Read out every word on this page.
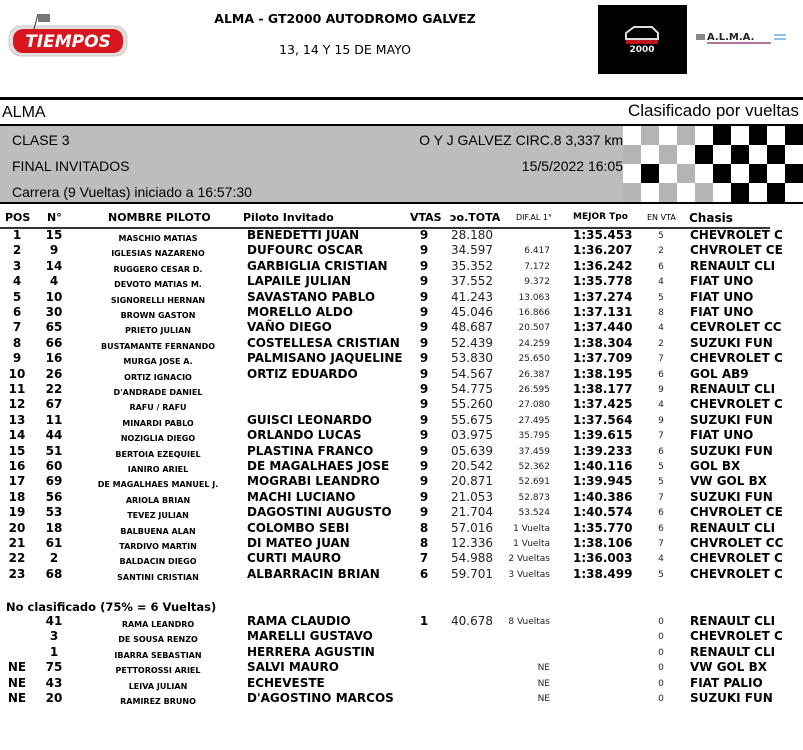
TIEMPOS
ALMA - GT2000 AUTODROMO GALVEZ
13, 14 Y 15 DE MAYO	2000
A.L.M.A.
ALMA	Clasificado por vueltas
CLASE 3
FINAL INVITADOS
Carrera (9 Vueltas) iniciado a 16:57:30
O Y J GALVEZ CIRC.8 3,337 km
15/5/2022 16:05
POS N°	NOMBRE PILOTO	Piloto Invitado	VTAS ɔo.TOTA DIF.AL 1° MEJOR Tpo EN VTA Chasis
1	15	MASCHIO MATIAS	BENEDETTI JUAN	9	28.180	1:35.453	5	CHEVROLET C
2	9	IGLESIAS NAZARENO	DUFOURC OSCAR	9	34.597	6.417 1:36.207	2	CHVROLET CE
3	14	RUGGERO CESAR D.	GARBIGLIA CRISTIAN	9	35.352	7.172 1:36.242	6	RENAULT CLI
4	4	DEVOTO MATIAS M.	LAPAILE JULIAN	9	37.552	9.372 1:35.778	4	FIAT UNO
5	10	SIGNORELLI HERNAN	SAVASTANO PABLO	9	41.243	13.063 1:37.274	5	FIAT UNO
6	30	BROWN GASTON	MORELLO ALDO	9	45.046	16.866 1:37.131	8	FIAT UNO
7	65	PRIETO JULIAN	VAÑO DIEGO	9	48.687	20.507 1:37.440	4	CEVROLET CC
8	66	BUSTAMANTE FERNANDO	COSTELLESA CRISTIAN	9	52.439	24.259 1:38.304	2	SUZUKI FUN
9	16	MURGA JOSE A.	PALMISANO JAQUELINE	9	53.830	25.650 1:37.709	7	CHEVROLET C
10	26	ORTIZ IGNACIO	ORTIZ EDUARDO	9	54.567	26.387 1:38.195	6	GOL AB9
11	22	D'ANDRADE DANIEL	9	54.775	26.595 1:38.177	9	RENAULT CLI
12	67	RAFU / RAFU	9	55.260	27.080 1:37.425	4	CHEVROLET C
13	11	MINARDI PABLO	GUISCI LEONARDO	9	55.675	27.495 1:37.564	9	SUZUKI FUN
14	44	NOZIGLIA DIEGO	ORLANDO LUCAS	9	03.975	35.795 1:39.615	7	FIAT UNO
15	51	BERTOIA EZEQUIEL	PLASTINA FRANCO	9	05.639	37.459 1:39.233	6	SUZUKI FUN
16	60	IANIRO ARIEL	DE MAGALHAES JOSE	9	20.542	52.362 1:40.116	5	GOL BX
17	69	DE MAGALHAES MANUEL J.	MOGRABI LEANDRO	9	20.871	52.691 1:39.945	5	VW GOL BX
18	56	ARIOLA BRIAN	MACHI LUCIANO	9	21.053	52.873 1:40.386	7	SUZUKI FUN
19	53	TEVEZ JULIAN	DAGOSTINI AUGUSTO	9	21.704	53.524 1:40.574	6	CHVROLET CE
20	18	BALBUENA ALAN	COLOMBO SEBI	8	57.016	1 Vuelta 1:35.770	6	RENAULT CLI
21	61	TARDIVO MARTIN	DI MATEO JUAN	8	12.336	1 Vuelta 1:38.106	7	CHVROLET CC
22	2	BALDACIN DIEGO	CURTI MAURO	7	54.988	2 Vueltas 1:36.003	4	CHEVROLET C
23	68	SANTINI CRISTIAN	ALBARRACIN BRIAN	6	59.701	3 Vueltas 1:38.499	5	CHEVROLET C
No clasificado (75% = 6 Vueltas)
41	RAMA LEANDRO	RAMA CLAUDIO	1	40.678	8 Vueltas	0	RENAULT CLI
3	DE SOUSA RENZO	MARELLI GUSTAVO	0	CHEVROLET C
1	IBARRA SEBASTIAN	HERRERA AGUSTIN	0	RENAULT CLI
NE	75	PETTOROSSI ARIEL	SALVI MAURO	NE	0	VW GOL BX
NE	43	LEIVA JULIAN	ECHEVESTE	NE	0	FIAT PALIO
NE	20	RAMIREZ BRUNO	D'AGOSTINO MARCOS	NE	0	SUZUKI FUN
